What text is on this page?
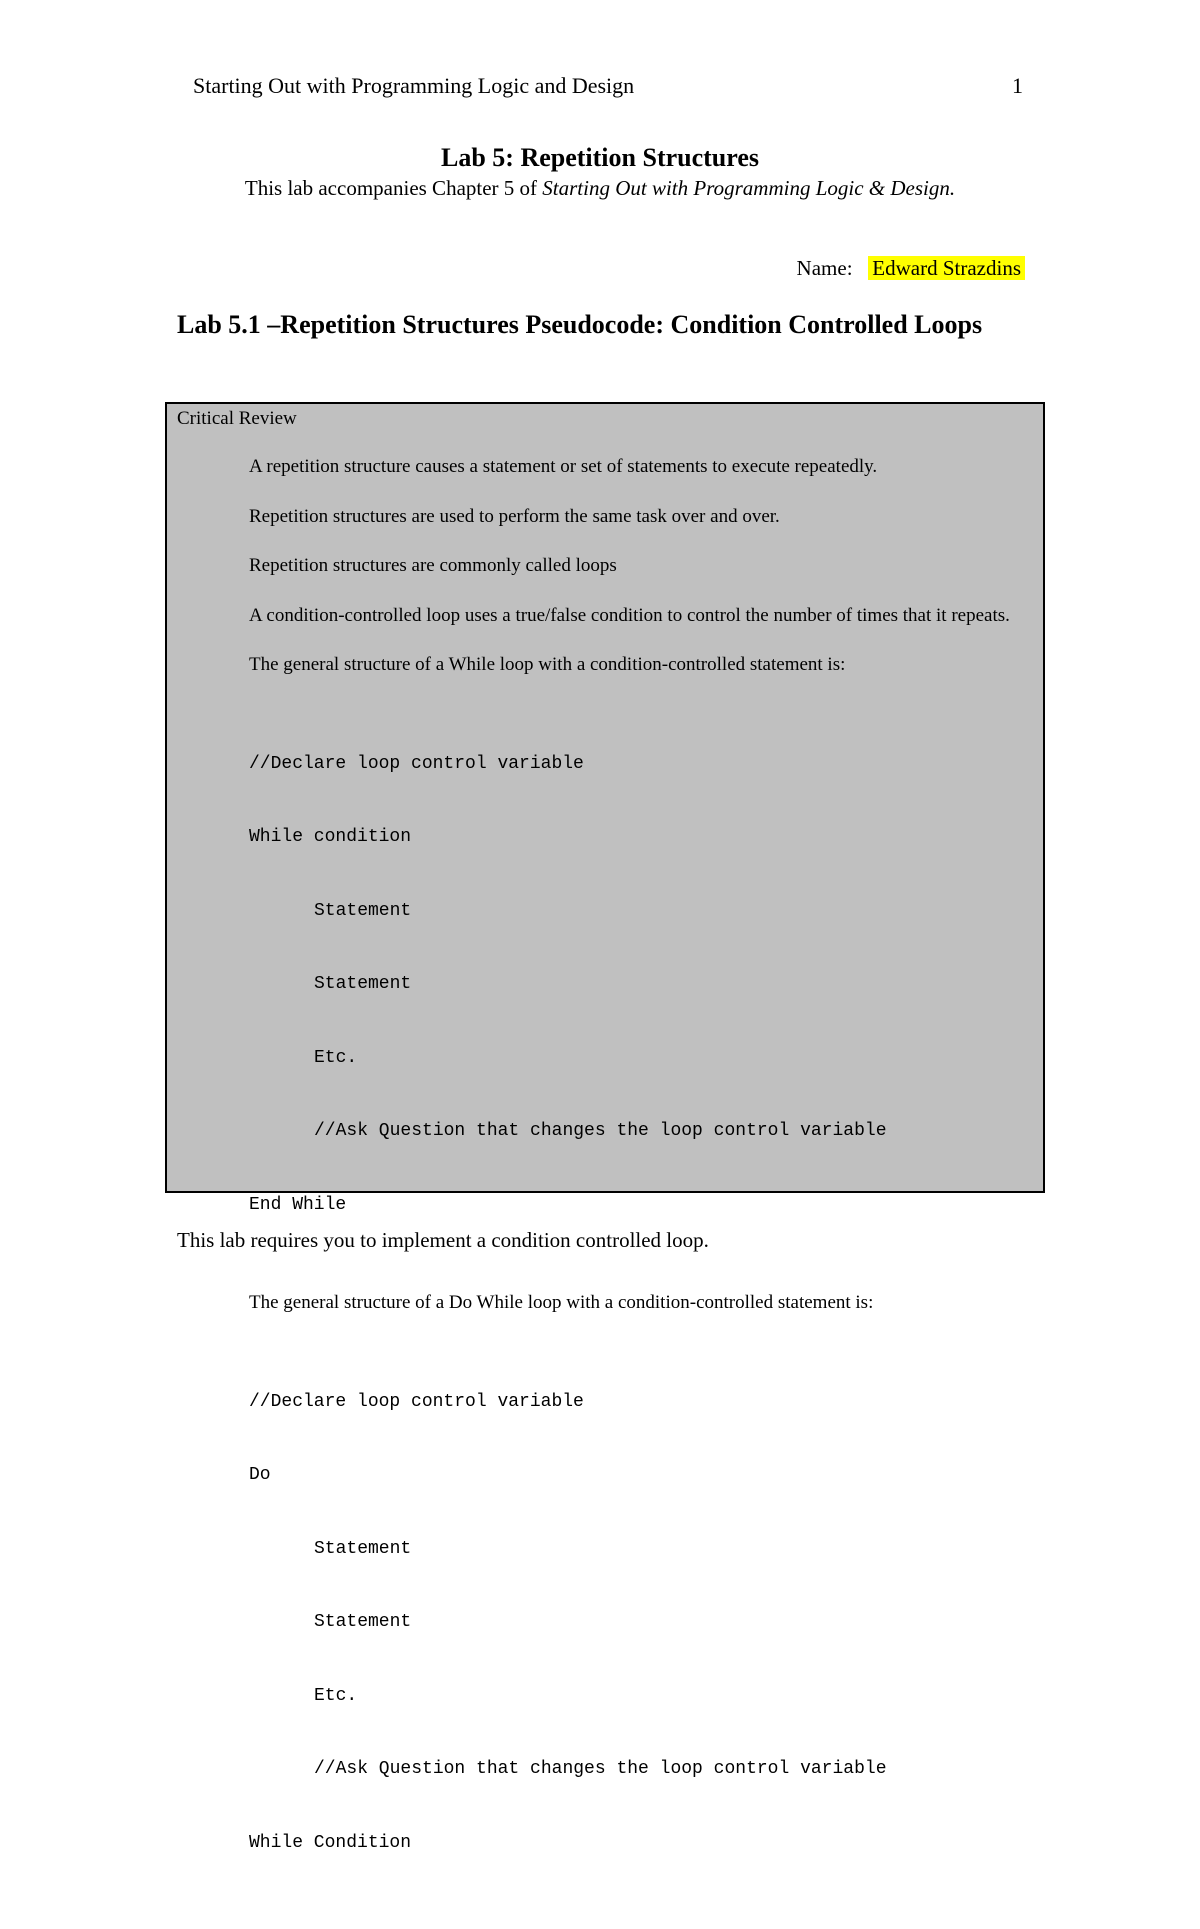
Starting Out with Programming Logic and Design	1
Lab 5: Repetition Structures
This lab accompanies Chapter 5 of Starting Out with Programming Logic & Design.
Name:   Edward Strazdins
Lab 5.1 –Repetition Structures Pseudocode: Condition Controlled Loops
Critical Review

A repetition structure causes a statement or set of statements to execute repeatedly.

Repetition structures are used to perform the same task over and over.

Repetition structures are commonly called loops

A condition-controlled loop uses a true/false condition to control the number of times that it repeats.

The general structure of a While loop with a condition-controlled statement is:

//Declare loop control variable

While condition

Statement

Statement

Etc.

//Ask Question that changes the loop control variable

End While

The general structure of a Do While loop with a condition-controlled statement is:

//Declare loop control variable

Do

Statement

Statement

Etc.

//Ask Question that changes the loop control variable

While Condition

This lab requires you to implement a condition controlled loop.
